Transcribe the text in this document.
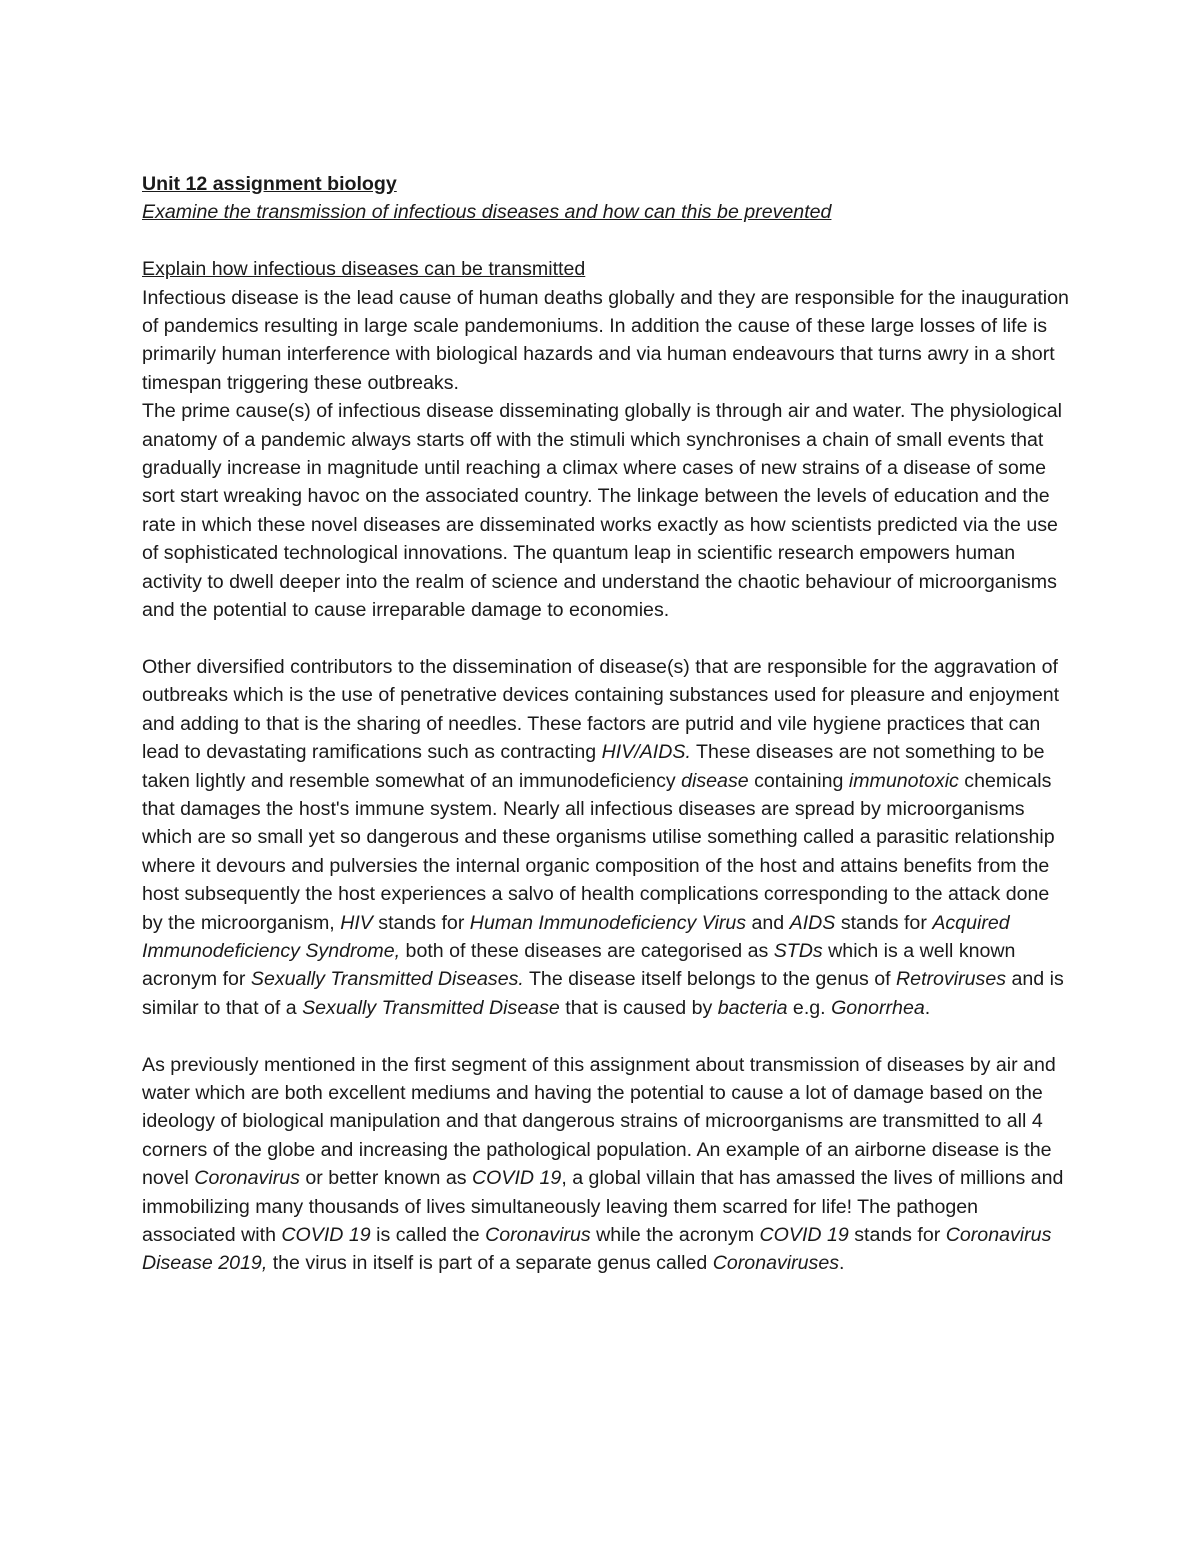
Unit 12 assignment biology

Examine the transmission of infectious diseases and how can this be prevented

Explain how infectious diseases can be transmitted

Infectious disease is the lead cause of human deaths globally and they are responsible for the inauguration of pandemics resulting in large scale pandemoniums. In addition the cause of these large losses of life is primarily human interference with biological hazards and via human endeavours that turns awry in a short timespan triggering these outbreaks.

The prime cause(s) of infectious disease disseminating globally is through air and water. The physiological anatomy of a pandemic always starts off with the stimuli which synchronises a chain of small events that gradually increase in magnitude until reaching a climax where cases of new strains of a disease of some sort start wreaking havoc on the associated country. The linkage between the levels of education and the rate in which these novel diseases are disseminated works exactly as how scientists predicted via the use of sophisticated technological innovations. The quantum leap in scientific research empowers human activity to dwell deeper into the realm of science and understand the chaotic behaviour of microorganisms and the potential to cause irreparable damage to economies.

Other diversified contributors to the dissemination of disease(s) that are responsible for the aggravation of outbreaks which is the use of penetrative devices containing substances used for pleasure and enjoyment and adding to that is the sharing of needles. These factors are putrid and vile hygiene practices that can lead to devastating ramifications such as contracting HIV/AIDS. These diseases are not something to be taken lightly and resemble somewhat of an immunodeficiency disease containing immunotoxic chemicals that damages the host's immune system. Nearly all infectious diseases are spread by microorganisms which are so small yet so dangerous and these organisms utilise something called a parasitic relationship where it devours and pulversies the internal organic composition of the host and attains benefits from the host subsequently the host experiences a salvo of health complications corresponding to the attack done by the microorganism, HIV stands for Human Immunodeficiency Virus and AIDS stands for Acquired Immunodeficiency Syndrome, both of these diseases are categorised as STDs which is a well known acronym for Sexually Transmitted Diseases. The disease itself belongs to the genus of Retroviruses and is similar to that of a Sexually Transmitted Disease that is caused by bacteria e.g. Gonorrhea.

As previously mentioned in the first segment of this assignment about transmission of diseases by air and water which are both excellent mediums and having the potential to cause a lot of damage based on the ideology of biological manipulation and that dangerous strains of microorganisms are transmitted to all 4 corners of the globe and increasing the pathological population. An example of an airborne disease is the novel Coronavirus or better known as COVID 19, a global villain that has amassed the lives of millions and immobilizing many thousands of lives simultaneously leaving them scarred for life! The pathogen associated with COVID 19 is called the Coronavirus while the acronym COVID 19 stands for Coronavirus Disease 2019, the virus in itself is part of a separate genus called Coronaviruses.
